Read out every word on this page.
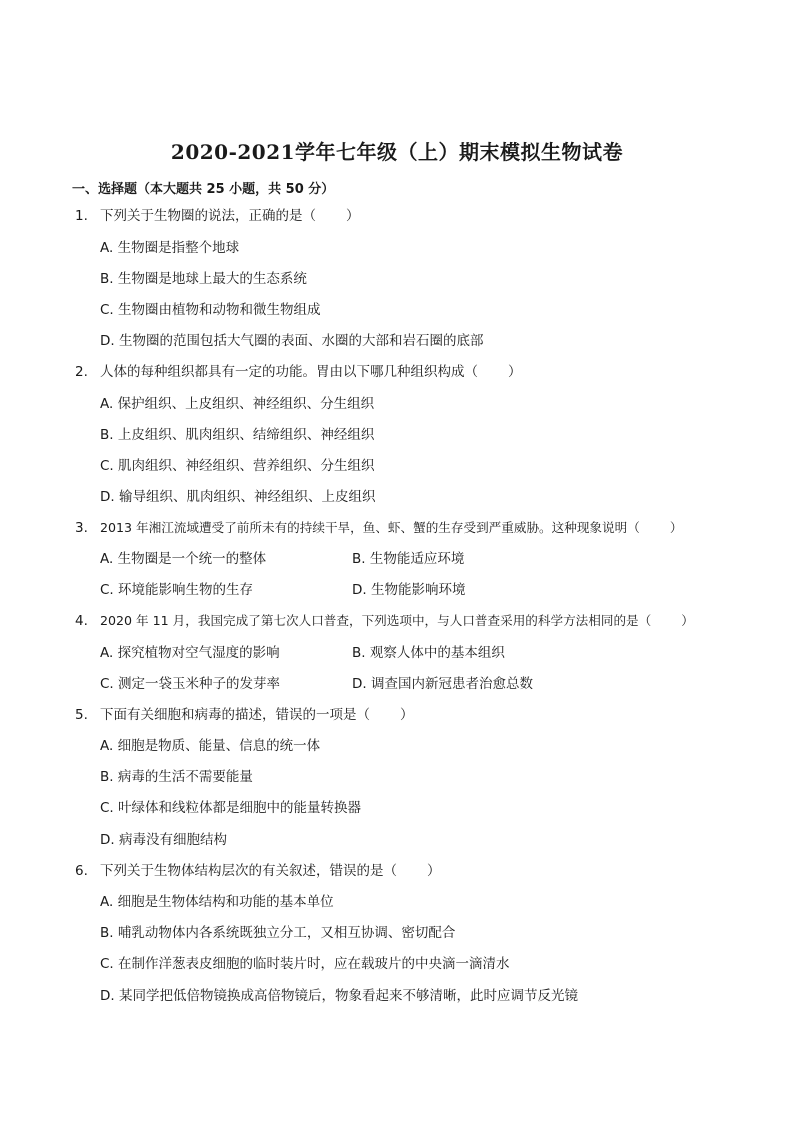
2020-2021学年七年级（上）期末模拟生物试卷
一、选择题（本大题共 25 小题，共 50 分）
1. 下列关于生物圈的说法，正确的是（ ）
A. 生物圈是指整个地球
B. 生物圈是地球上最大的生态系统
C. 生物圈由植物和动物和微生物组成
D. 生物圈的范围包括大气圈的表面、水圈的大部和岩石圈的底部
2. 人体的每种组织都具有一定的功能。胃由以下哪几种组织构成（ ）
A. 保护组织、上皮组织、神经组织、分生组织
B. 上皮组织、肌肉组织、结缔组织、神经组织
C. 肌肉组织、神经组织、营养组织、分生组织
D. 输导组织、肌肉组织、神经组织、上皮组织
3. 2013 年湘江流域遭受了前所未有的持续干旱，鱼、虾、蟹的生存受到严重威胁。这种现象说明（ ）
A. 生物圈是一个统一的整体	B. 生物能适应环境
C. 环境能影响生物的生存	D. 生物能影响环境
4. 2020 年 11 月，我国完成了第七次人口普查，下列选项中，与人口普查采用的科学方法相同的是（ ）
A. 探究植物对空气湿度的影响	B. 观察人体中的基本组织
C. 测定一袋玉米种子的发芽率	D. 调查国内新冠患者治愈总数
5. 下面有关细胞和病毒的描述，错误的一项是（ ）
A. 细胞是物质、能量、信息的统一体
B. 病毒的生活不需要能量
C. 叶绿体和线粒体都是细胞中的能量转换器
D. 病毒没有细胞结构
6. 下列关于生物体结构层次的有关叙述，错误的是（ ）
A. 细胞是生物体结构和功能的基本单位
B. 哺乳动物体内各系统既独立分工，又相互协调、密切配合
C. 在制作洋葱表皮细胞的临时装片时，应在载玻片的中央滴一滴清水
D. 某同学把低倍物镜换成高倍物镜后，物象看起来不够清晰，此时应调节反光镜
